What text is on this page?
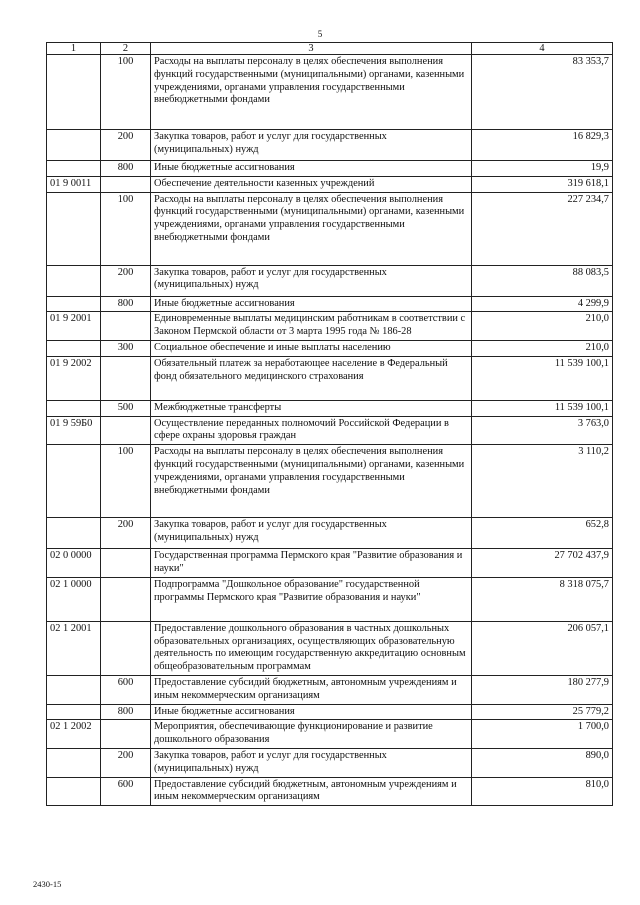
5
1	2	3	4
	100	Расходы на выплаты персоналу в целях обеспечения выполнения функций государственными (муниципальными) органами, казенными учреждениями, органами управления государственными внебюджетными фондами	83 353,7
	200	Закупка товаров, работ и услуг для государственных (муниципальных) нужд	16 829,3
	800	Иные бюджетные ассигнования	19,9
01 9 0011		Обеспечение деятельности казенных учреждений	319 618,1
	100	Расходы на выплаты персоналу в целях обеспечения выполнения функций государственными (муниципальными) органами, казенными учреждениями, органами управления государственными внебюджетными фондами	227 234,7
	200	Закупка товаров, работ и услуг для государственных (муниципальных) нужд	88 083,5
	800	Иные бюджетные ассигнования	4 299,9
01 9 2001		Единовременные выплаты медицинским работникам в соответствии с Законом Пермской области от 3 марта 1995 года № 186-28	210,0
	300	Социальное обеспечение и иные выплаты населению	210,0
01 9 2002		Обязательный платеж за неработающее население в Федеральный фонд обязательного медицинского страхования	11 539 100,1
	500	Межбюджетные трансферты	11 539 100,1
01 9 59Б0		Осуществление переданных полномочий Российской Федерации в сфере охраны здоровья граждан	3 763,0
	100	Расходы на выплаты персоналу в целях обеспечения выполнения функций государственными (муниципальными) органами, казенными учреждениями, органами управления государственными внебюджетными фондами	3 110,2
	200	Закупка товаров, работ и услуг для государственных (муниципальных) нужд	652,8
02 0 0000		Государственная программа Пермского края "Развитие образования и науки"	27 702 437,9
02 1 0000		Подпрограмма "Дошкольное образование" государственной программы Пермского края "Развитие образования и науки"	8 318 075,7
02 1 2001		Предоставление дошкольного образования в частных дошкольных образовательных организациях, осуществляющих образовательную деятельность по имеющим государственную аккредитацию основным общеобразовательным программам	206 057,1
	600	Предоставление субсидий бюджетным, автономным учреждениям и иным некоммерческим организациям	180 277,9
	800	Иные бюджетные ассигнования	25 779,2
02 1 2002		Мероприятия, обеспечивающие функционирование и развитие дошкольного образования	1 700,0
	200	Закупка товаров, работ и услуг для государственных (муниципальных) нужд	890,0
	600	Предоставление субсидий бюджетным, автономным учреждениям и иным некоммерческим организациям	810,0
2430-15
